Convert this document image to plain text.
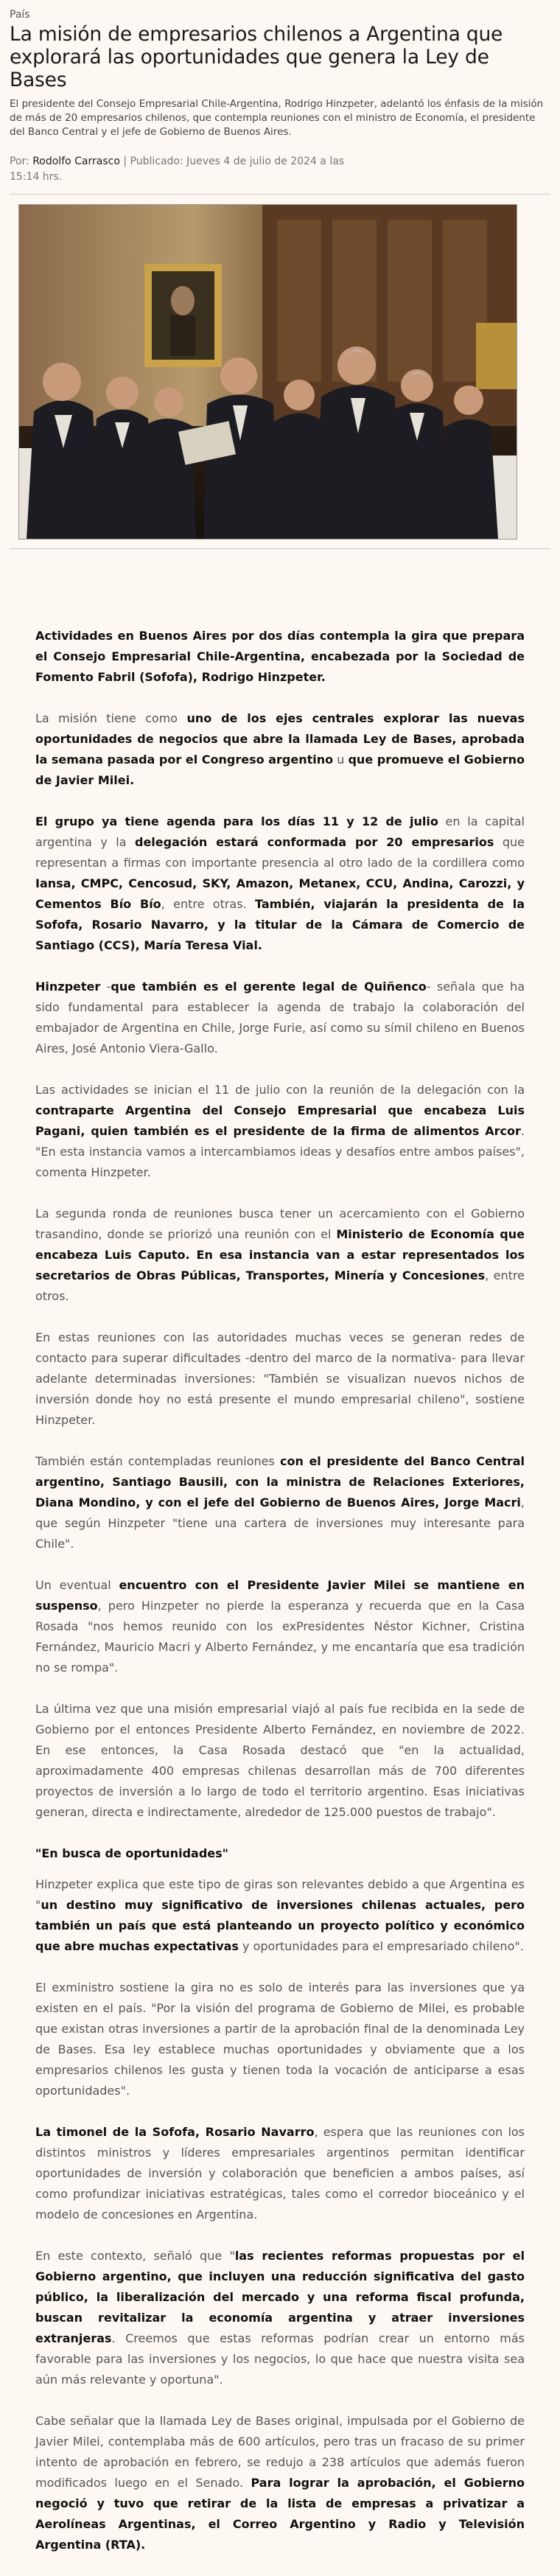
País
La misión de empresarios chilenos a Argentina que explorará las oportunidades que genera la Ley de Bases

El presidente del Consejo Empresarial Chile-Argentina, Rodrigo Hinzpeter, adelantó los énfasis de la misión de más de 20 empresarios chilenos, que contempla reuniones con el ministro de Economía, el presidente del Banco Central y el jefe de Gobierno de Buenos Aires.

Por: Rodolfo Carrasco | Publicado: Jueves 4 de julio de 2024 a las 15:14 hrs.

Actividades en Buenos Aires por dos días contempla la gira que prepara el Consejo Empresarial Chile-Argentina, encabezada por la Sociedad de Fomento Fabril (Sofofa), Rodrigo Hinzpeter.

La misión tiene como uno de los ejes centrales explorar las nuevas oportunidades de negocios que abre la llamada Ley de Bases, aprobada la semana pasada por el Congreso argentino u que promueve el Gobierno de Javier Milei.

El grupo ya tiene agenda para los días 11 y 12 de julio en la capital argentina y la delegación estará conformada por 20 empresarios que representan a firmas con importante presencia al otro lado de la cordillera como Iansa, CMPC, Cencosud, SKY, Amazon, Metanex, CCU, Andina, Carozzi, y Cementos Bío Bío, entre otras. También, viajarán la presidenta de la Sofofa, Rosario Navarro, y la titular de la Cámara de Comercio de Santiago (CCS), María Teresa Vial.

Hinzpeter -que también es el gerente legal de Quiñenco- señala que ha sido fundamental para establecer la agenda de trabajo la colaboración del embajador de Argentina en Chile, Jorge Furie, así como su símil chileno en Buenos Aires, José Antonio Viera-Gallo.

Las actividades se inician el 11 de julio con la reunión de la delegación con la contraparte Argentina del Consejo Empresarial que encabeza Luis Pagani, quien también es el presidente de la firma de alimentos Arcor. "En esta instancia vamos a intercambiamos ideas y desafíos entre ambos países", comenta Hinzpeter.

La segunda ronda de reuniones busca tener un acercamiento con el Gobierno trasandino, donde se priorizó una reunión con el Ministerio de Economía que encabeza Luis Caputo. En esa instancia van a estar representados los secretarios de Obras Públicas, Transportes, Minería y Concesiones, entre otros.

En estas reuniones con las autoridades muchas veces se generan redes de contacto para superar dificultades -dentro del marco de la normativa- para llevar adelante determinadas inversiones: "También se visualizan nuevos nichos de inversión donde hoy no está presente el mundo empresarial chileno", sostiene Hinzpeter.

También están contempladas reuniones con el presidente del Banco Central argentino, Santiago Bausili, con la ministra de Relaciones Exteriores, Diana Mondino, y con el jefe del Gobierno de Buenos Aires, Jorge Macri, que según Hinzpeter "tiene una cartera de inversiones muy interesante para Chile".

Un eventual encuentro con el Presidente Javier Milei se mantiene en suspenso, pero Hinzpeter no pierde la esperanza y recuerda que en la Casa Rosada "nos hemos reunido con los exPresidentes Néstor Kichner, Cristina Fernández, Mauricio Macri y Alberto Fernández, y me encantaría que esa tradición no se rompa".

La última vez que una misión empresarial viajó al país fue recibida en la sede de Gobierno por el entonces Presidente Alberto Fernández, en noviembre de 2022. En ese entonces, la Casa Rosada destacó que "en la actualidad, aproximadamente 400 empresas chilenas desarrollan más de 700 diferentes proyectos de inversión a lo largo de todo el territorio argentino. Esas iniciativas generan, directa e indirectamente, alrededor de 125.000 puestos de trabajo".

"En busca de oportunidades"

Hinzpeter explica que este tipo de giras son relevantes debido a que Argentina es "un destino muy significativo de inversiones chilenas actuales, pero también un país que está planteando un proyecto político y económico que abre muchas expectativas y oportunidades para el empresariado chileno".

El exministro sostiene la gira no es solo de interés para las inversiones que ya existen en el país. "Por la visión del programa de Gobierno de Milei, es probable que existan otras inversiones a partir de la aprobación final de la denominada Ley de Bases. Esa ley establece muchas oportunidades y obviamente que a los empresarios chilenos les gusta y tienen toda la vocación de anticiparse a esas oportunidades".

La timonel de la Sofofa, Rosario Navarro, espera que las reuniones con los distintos ministros y líderes empresariales argentinos permitan identificar oportunidades de inversión y colaboración que beneficien a ambos países, así como profundizar iniciativas estratégicas, tales como el corredor bioceánico y el modelo de concesiones en Argentina.

En este contexto, señaló que "las recientes reformas propuestas por el Gobierno argentino, que incluyen una reducción significativa del gasto público, la liberalización del mercado y una reforma fiscal profunda, buscan revitalizar la economía argentina y atraer inversiones extranjeras. Creemos que estas reformas podrían crear un entorno más favorable para las inversiones y los negocios, lo que hace que nuestra visita sea aún más relevante y oportuna".

Cabe señalar que la llamada Ley de Bases original, impulsada por el Gobierno de Javier Milei, contemplaba más de 600 artículos, pero tras un fracaso de su primer intento de aprobación en febrero, se redujo a 238 artículos que además fueron modificados luego en el Senado. Para lograr la aprobación, el Gobierno negoció y tuvo que retirar de la lista de empresas a privatizar a Aerolíneas Argentinas, el Correo Argentino y Radio y Televisión Argentina (RTA).
